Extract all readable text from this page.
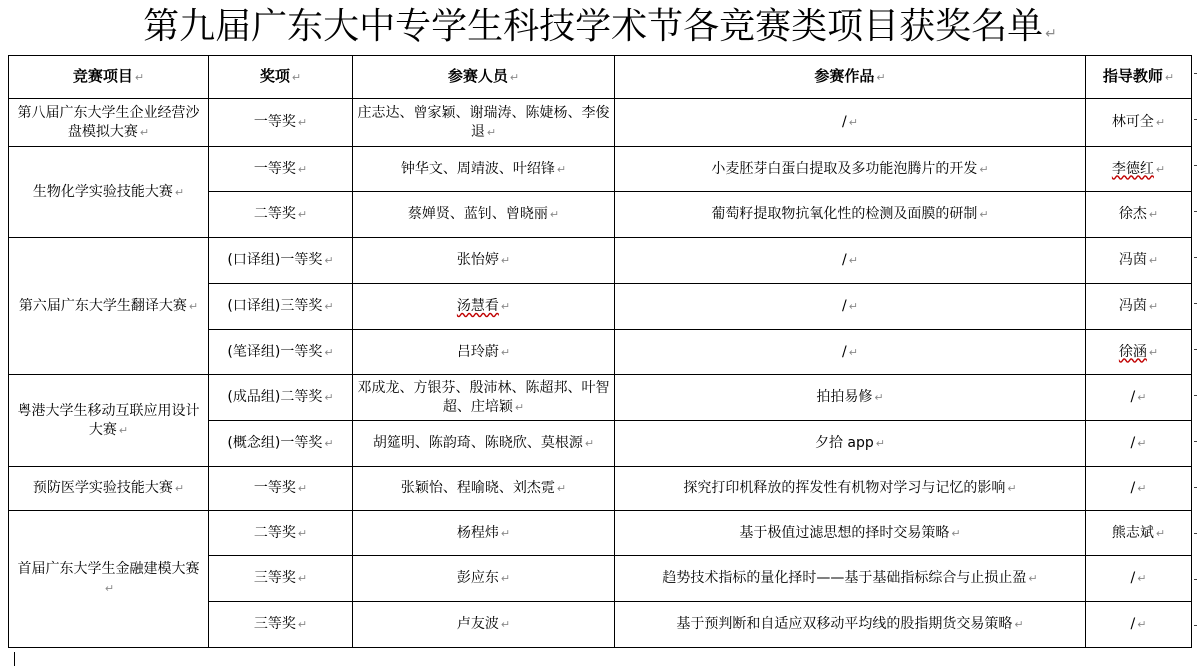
第九届广东大中专学生科技学术节各竞赛类项目获奖名单 ↵
竞赛项目 ↵	奖项 ↵	参赛人员 ↵	参赛作品 ↵	指导教师 ↵
第八届广东大学生企业经营沙盘模拟大赛 ↵	一等奖 ↵	庄志达、曾家颖、谢瑞涛、陈婕杨、李俊退 ↵	/ ↵	林可全 ↵
生物化学实验技能大赛 ↵	一等奖 ↵	钟华文、周靖波、叶绍锋 ↵	小麦胚芽白蛋白提取及多功能泡腾片的开发 ↵	李德红 ↵
	二等奖 ↵	蔡婵贤、蓝钊、曾晓丽 ↵	葡萄籽提取物抗氧化性的检测及面膜的研制 ↵	徐杰 ↵
第六届广东大学生翻译大赛 ↵	(口译组)一等奖 ↵	张怡婷 ↵	/ ↵	冯茵 ↵
	(口译组)三等奖 ↵	汤慧看 ↵	/ ↵	冯茵 ↵
	(笔译组)一等奖 ↵	吕玲蔚 ↵	/ ↵	徐涵 ↵
粤港大学生移动互联应用设计大赛 ↵	(成品组)二等奖 ↵	邓成龙、方银芬、殷沛林、陈超邦、叶智超、庄培颖 ↵	拍拍易修 ↵	/ ↵
	(概念组)一等奖 ↵	胡筵明、陈韵琦、陈晓欣、莫根源 ↵	夕拾 app ↵	/ ↵
预防医学实验技能大赛 ↵	一等奖 ↵	张颖怡、程喻晓、刘杰霓 ↵	探究打印机释放的挥发性有机物对学习与记忆的影响 ↵	/ ↵
首届广东大学生金融建模大赛↵	二等奖 ↵	杨程炜 ↵	基于极值过滤思想的择时交易策略 ↵	熊志斌 ↵
	三等奖 ↵	彭应东 ↵	趋势技术指标的量化择时——基于基础指标综合与止损止盈 ↵	/ ↵
	三等奖 ↵	卢友波 ↵	基于预判断和自适应双移动平均线的股指期货交易策略 ↵	/ ↵
